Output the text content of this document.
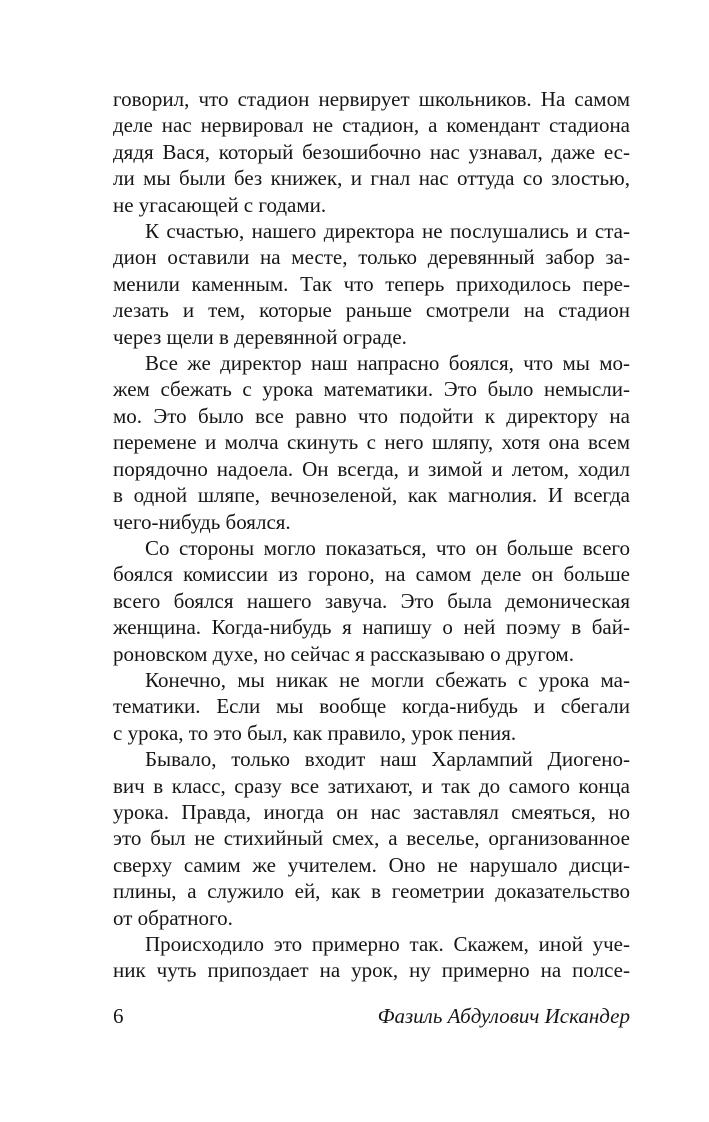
говорил, что стадион нервирует школьников. На самом
деле нас нервировал не стадион, а комендант стадиона
дядя Вася, который безошибочно нас узнавал, даже ес-
ли мы были без книжек, и гнал нас оттуда со злостью,
не угасающей с годами.
К счастью, нашего директора не послушались и ста-
дион оставили на месте, только деревянный забор за-
менили каменным. Так что теперь приходилось пере-
лезать и тем, которые раньше смотрели на стадион
через щели в деревянной ограде.
Все же директор наш напрасно боялся, что мы мо-
жем сбежать с урока математики. Это было немысли-
мо. Это было все равно что подойти к директору на
перемене и молча скинуть с него шляпу, хотя она всем
порядочно надоела. Он всегда, и зимой и летом, ходил
в одной шляпе, вечнозеленой, как магнолия. И всегда
чего-нибудь боялся.
Со стороны могло показаться, что он больше всего
боялся комиссии из гороно, на самом деле он больше
всего боялся нашего завуча. Это была демоническая
женщина. Когда-нибудь я напишу о ней поэму в бай-
роновском духе, но сейчас я рассказываю о другом.
Конечно, мы никак не могли сбежать с урока ма-
тематики. Если мы вообще когда-нибудь и сбегали
с урока, то это был, как правило, урок пения.
Бывало, только входит наш Харлампий Диогено-
вич в класс, сразу все затихают, и так до самого конца
урока. Правда, иногда он нас заставлял смеяться, но
это был не стихийный смех, а веселье, организованное
сверху самим же учителем. Оно не нарушало дисци-
плины, а служило ей, как в геометрии доказательство
от обратного.
Происходило это примерно так. Скажем, иной уче-
ник чуть припоздает на урок, ну примерно на полсе-
6	Фазиль Абдулович Искандер
